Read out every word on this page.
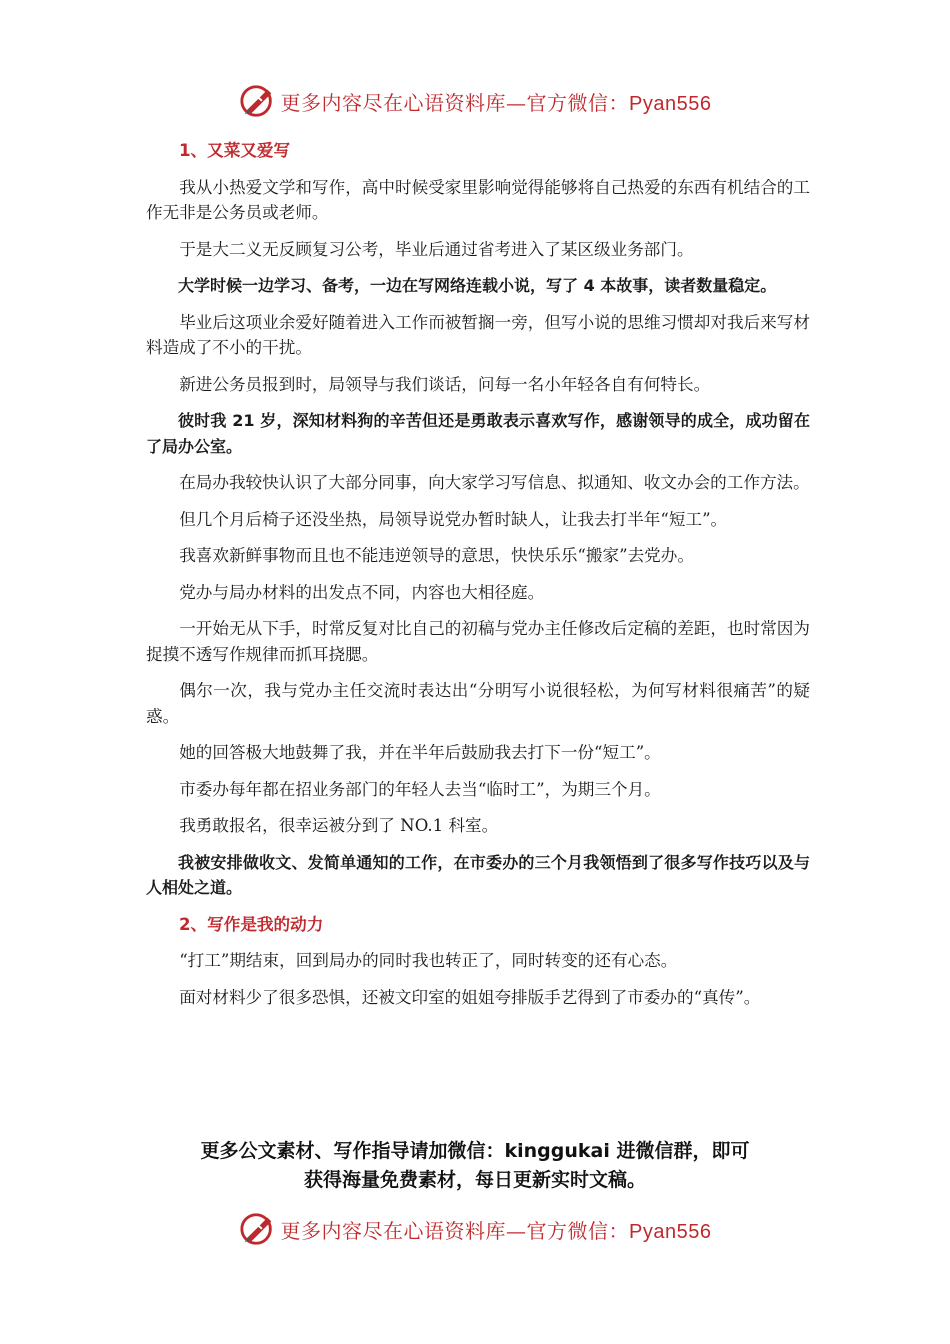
更多内容尽在心语资料库—官方微信：Pyan556
1、又菜又爱写

我从小热爱文学和写作，高中时候受家里影响觉得能够将自己热爱的东西有机结合的工作无非是公务员或老师。

于是大二义无反顾复习公考，毕业后通过省考进入了某区级业务部门。

大学时候一边学习、备考，一边在写网络连载小说，写了 4 本故事，读者数量稳定。

毕业后这项业余爱好随着进入工作而被暂搁一旁，但写小说的思维习惯却对我后来写材料造成了不小的干扰。

新进公务员报到时，局领导与我们谈话，问每一名小年轻各自有何特长。

彼时我 21 岁，深知材料狗的辛苦但还是勇敢表示喜欢写作，感谢领导的成全，成功留在了局办公室。

在局办我较快认识了大部分同事，向大家学习写信息、拟通知、收文办会的工作方法。

但几个月后椅子还没坐热，局领导说党办暂时缺人，让我去打半年“短工”。

我喜欢新鲜事物而且也不能违逆领导的意思，快快乐乐“搬家”去党办。

党办与局办材料的出发点不同，内容也大相径庭。

一开始无从下手，时常反复对比自己的初稿与党办主任修改后定稿的差距，也时常因为捉摸不透写作规律而抓耳挠腮。

偶尔一次，我与党办主任交流时表达出“分明写小说很轻松，为何写材料很痛苦”的疑惑。

她的回答极大地鼓舞了我，并在半年后鼓励我去打下一份“短工”。

市委办每年都在招业务部门的年轻人去当“临时工”，为期三个月。

我勇敢报名，很幸运被分到了 NO.1 科室。

我被安排做收文、发简单通知的工作，在市委办的三个月我领悟到了很多写作技巧以及与人相处之道。

2、写作是我的动力

“打工”期结束，回到局办的同时我也转正了，同时转变的还有心态。

面对材料少了很多恐惧，还被文印室的姐姐夸排版手艺得到了市委办的“真传”。

更多公文素材、写作指导请加微信：kinggukai 进微信群，即可
获得海量免费素材，每日更新实时文稿。
更多内容尽在心语资料库—官方微信：Pyan556
